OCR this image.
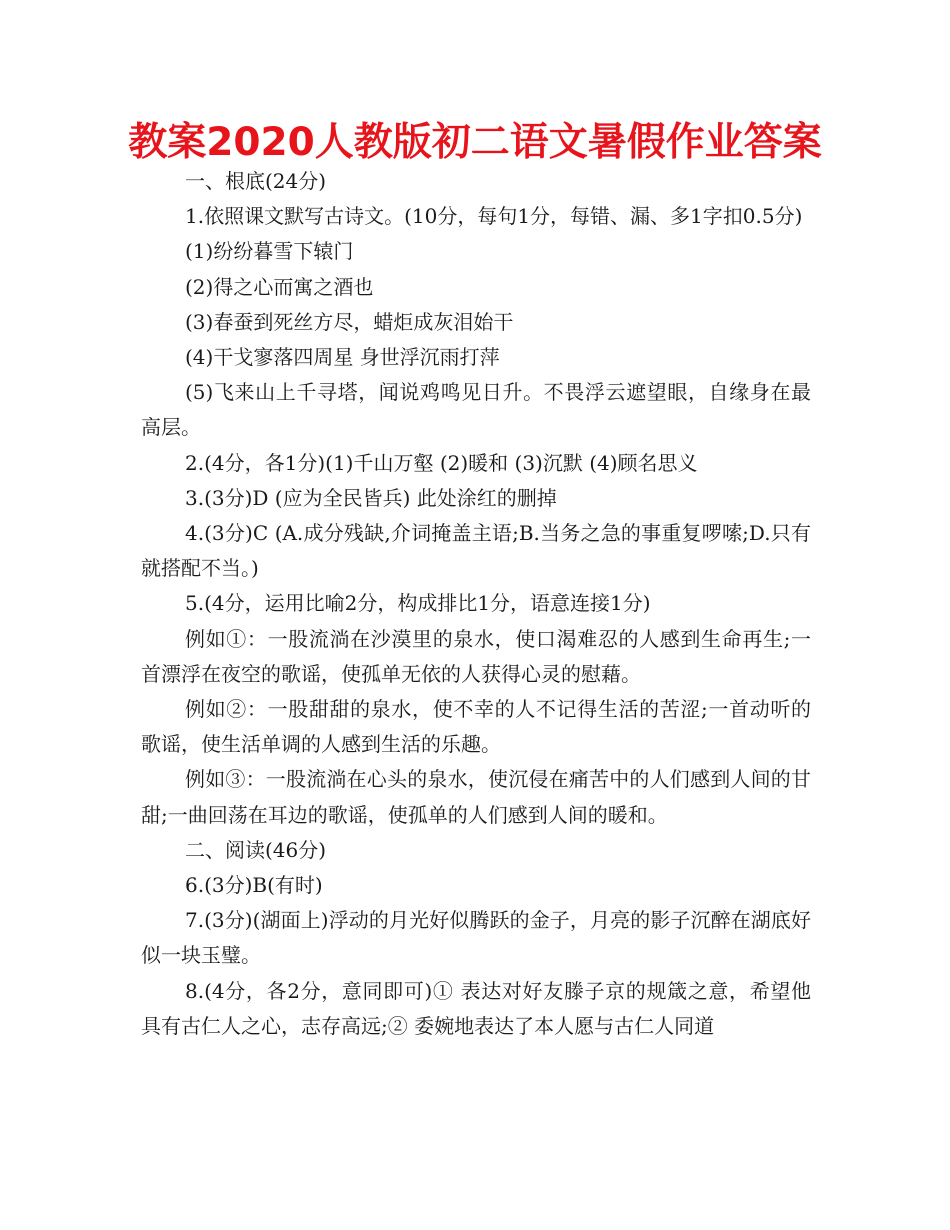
教案2020人教版初二语文暑假作业答案

一、根底(24分)

1.依照课文默写古诗文。(10分，每句1分，每错、漏、多1字扣0.5分)

(1)纷纷暮雪下辕门

(2)得之心而寓之酒也

(3)春蚕到死丝方尽，蜡炬成灰泪始干

(4)干戈寥落四周星 身世浮沉雨打萍

(5)飞来山上千寻塔，闻说鸡鸣见日升。不畏浮云遮望眼，自缘身在最高层。

2.(4分，各1分)(1)千山万壑 (2)暖和 (3)沉默 (4)顾名思义

3.(3分)D (应为全民皆兵) 此处涂红的删掉

4.(3分)C (A.成分残缺,介词掩盖主语;B.当务之急的事重复啰嗦;D.只有就搭配不当。)

5.(4分，运用比喻2分，构成排比1分，语意连接1分)

例如①：一股流淌在沙漠里的泉水，使口渴难忍的人感到生命再生;一首漂浮在夜空的歌谣，使孤单无依的人获得心灵的慰藉。

例如②：一股甜甜的泉水，使不幸的人不记得生活的苦涩;一首动听的歌谣，使生活单调的人感到生活的乐趣。

例如③：一股流淌在心头的泉水，使沉侵在痛苦中的人们感到人间的甘甜;一曲回荡在耳边的歌谣，使孤单的人们感到人间的暖和。

二、阅读(46分)

6.(3分)B(有时)

7.(3分)(湖面上)浮动的月光好似腾跃的金子，月亮的影子沉醉在湖底好似一块玉璧。

8.(4分，各2分，意同即可)① 表达对好友滕子京的规箴之意，希望他具有古仁人之心，志存高远;② 委婉地表达了本人愿与古仁人同道
